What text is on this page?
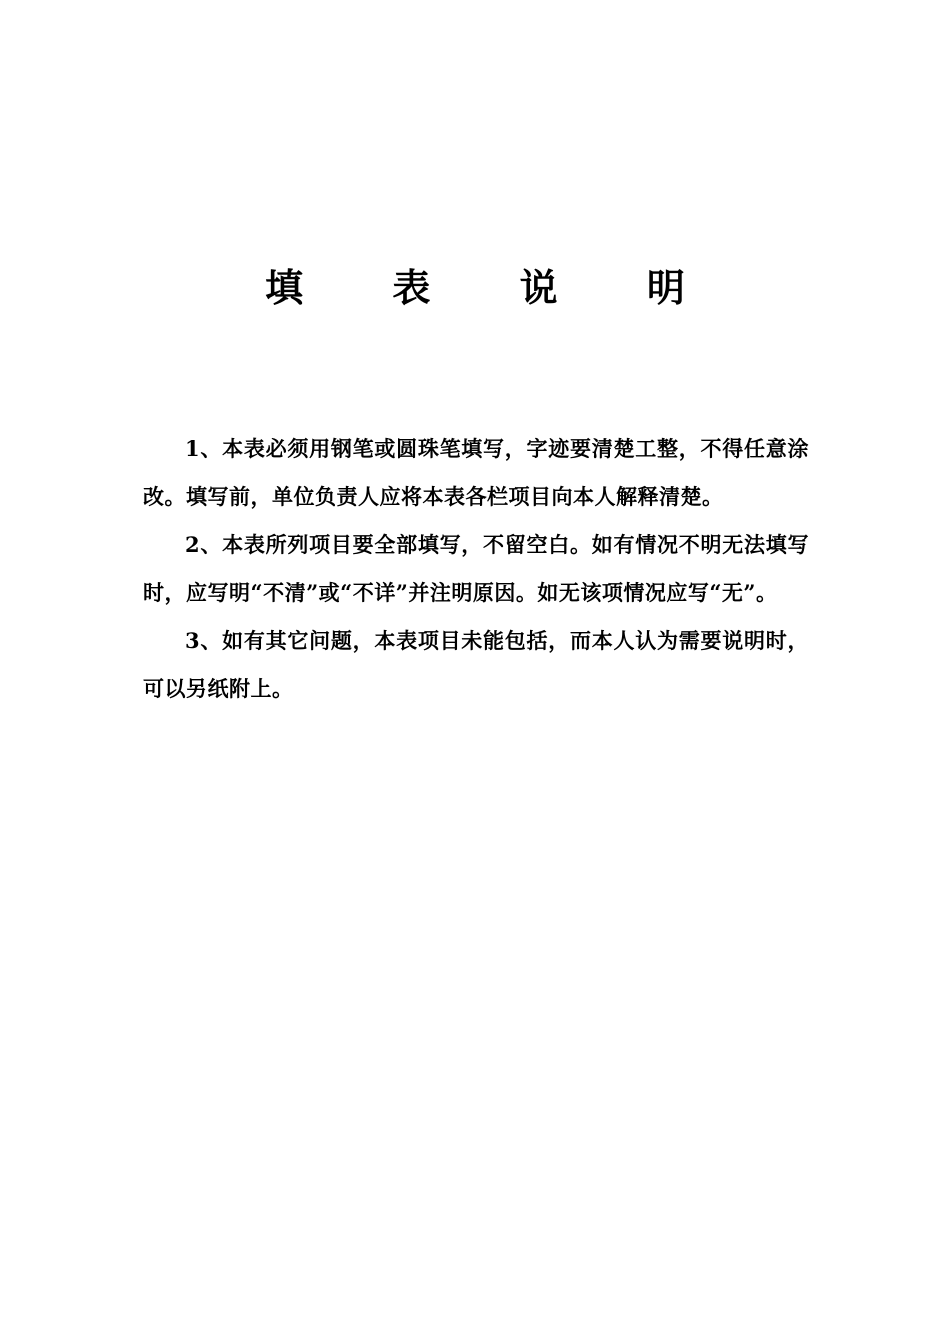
填 表 说 明

1、本表必须用钢笔或圆珠笔填写，字迹要清楚工整，不得任意涂改。填写前，单位负责人应将本表各栏项目向本人解释清楚。

2、本表所列项目要全部填写，不留空白。如有情况不明无法填写时，应写明“不清”或“不详”并注明原因。如无该项情况应写“无”。

3、如有其它问题，本表项目未能包括，而本人认为需要说明时，可以另纸附上。
